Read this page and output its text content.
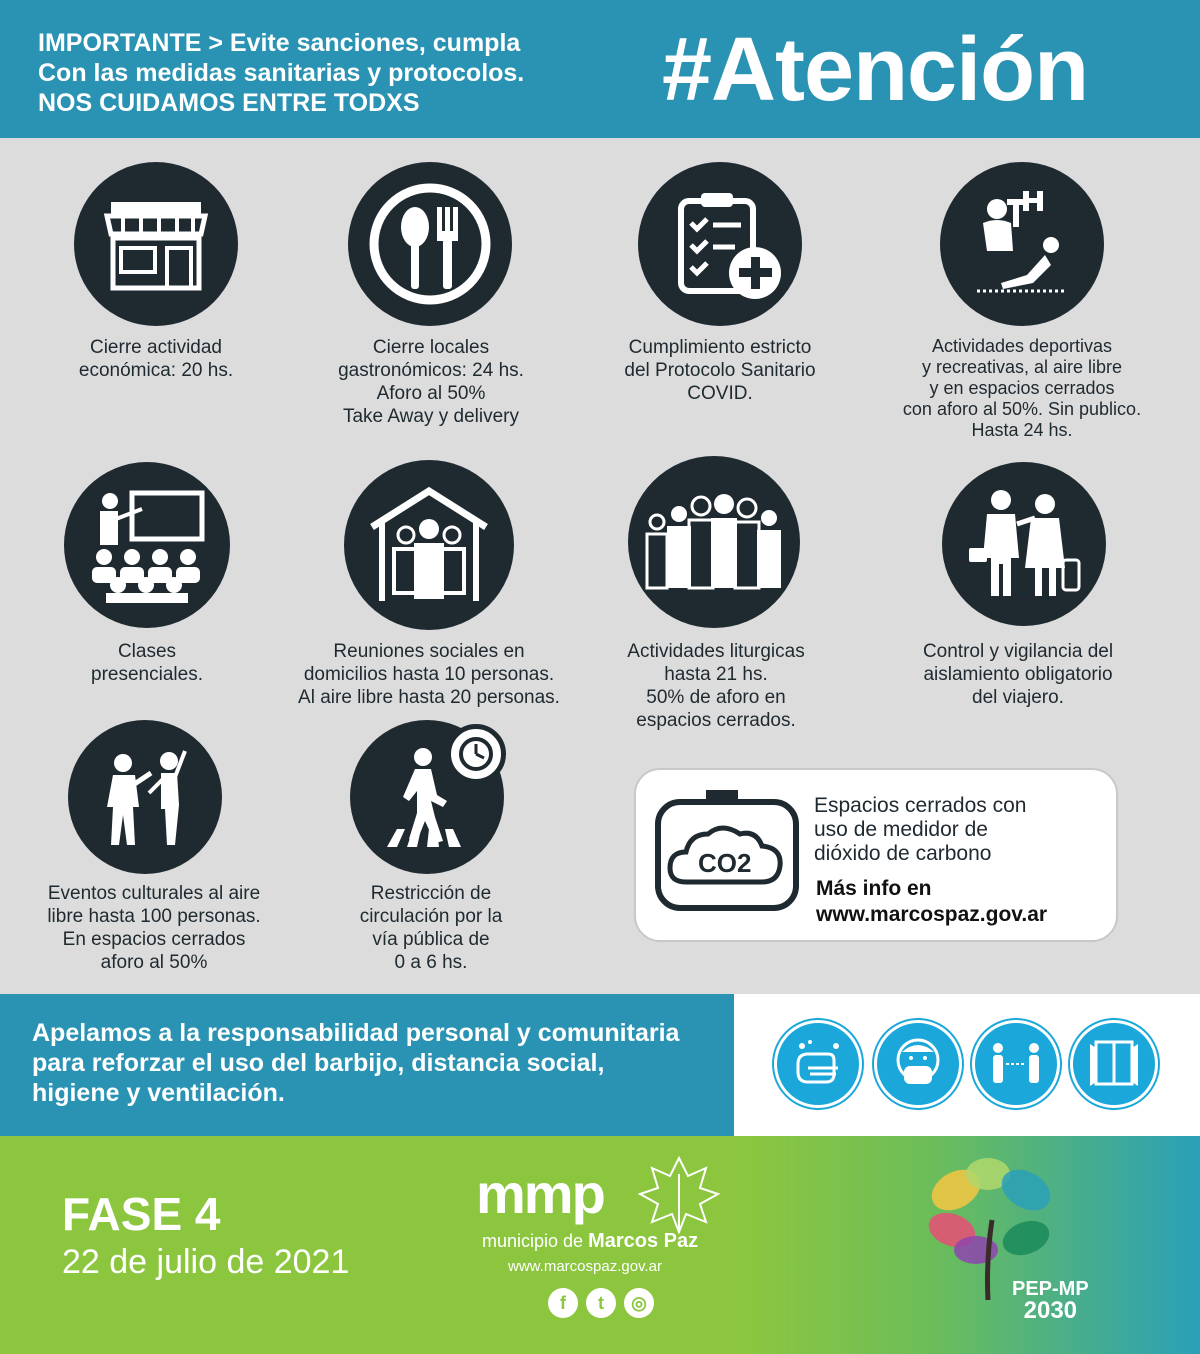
IMPORTANTE > Evite sanciones, cumpla
Con las medidas sanitarias y protocolos.
NOS CUIDAMOS ENTRE TODXS	#Atención
Cierre actividad
económica: 20 hs.
Cierre locales
gastronómicos: 24 hs.
Aforo al 50%
Take Away y delivery
Cumplimiento estricto
del Protocolo Sanitario
COVID.
Actividades deportivas
y recreativas, al aire libre
y en espacios cerrados
con aforo al 50%. Sin publico.
Hasta 24 hs.
Clases
presenciales.
Reuniones sociales en
domicilios hasta 10 personas.
Al aire libre hasta 20 personas.
Actividades liturgicas
hasta 21 hs.
50% de aforo en
espacios cerrados.
Control y vigilancia del
aislamiento obligatorio
del viajero.
Eventos culturales al aire
libre hasta 100 personas.
En espacios cerrados
aforo al 50%
Restricción de
circulación por la
vía pública de
0 a 6 hs.
CO2
Espacios cerrados con
uso de medidor de
dióxido de carbono
Más info en
www.marcospaz.gov.ar
Apelamos a la responsabilidad personal y comunitaria
para reforzar el uso del barbijo, distancia social,
higiene y ventilación.
FASE 4
22 de julio de 2021
mmp
municipio de Marcos Paz
www.marcospaz.gov.ar
f	t	◎
PEP-MP
2030
